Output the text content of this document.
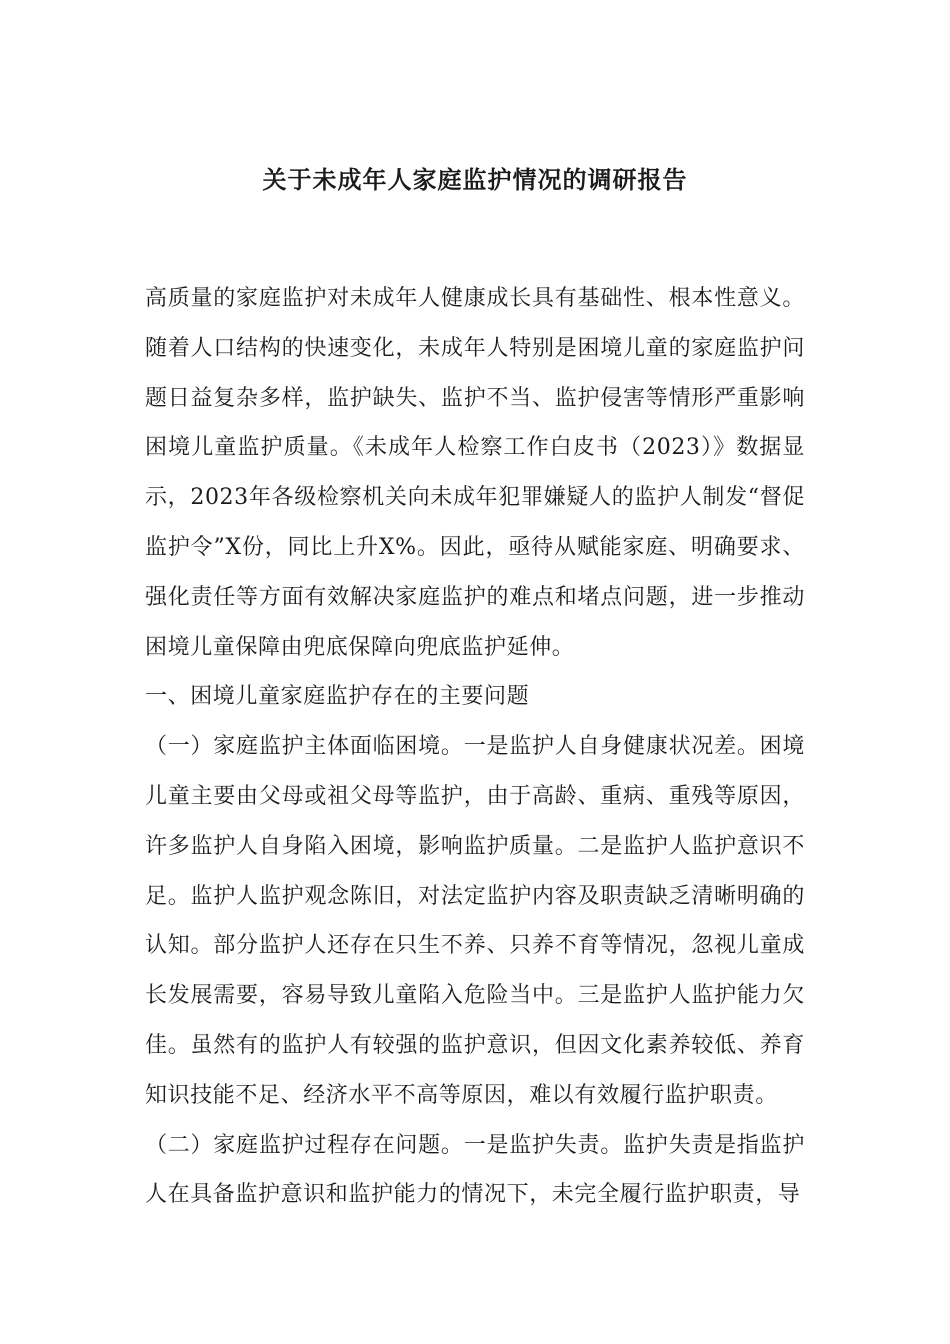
关于未成年人家庭监护情况的调研报告

高质量的家庭监护对未成年人健康成长具有基础性、根本性意义。随着人口结构的快速变化，未成年人特别是困境儿童的家庭监护问题日益复杂多样，监护缺失、监护不当、监护侵害等情形严重影响困境儿童监护质量。《未成年人检察工作白皮书（2023）》数据显示，2023年各级检察机关向未成年犯罪嫌疑人的监护人制发“督促监护令”X份，同比上升X%。因此，亟待从赋能家庭、明确要求、强化责任等方面有效解决家庭监护的难点和堵点问题，进一步推动困境儿童保障由兜底保障向兜底监护延伸。

一、困境儿童家庭监护存在的主要问题

（一）家庭监护主体面临困境。一是监护人自身健康状况差。困境儿童主要由父母或祖父母等监护，由于高龄、重病、重残等原因，许多监护人自身陷入困境，影响监护质量。二是监护人监护意识不足。监护人监护观念陈旧，对法定监护内容及职责缺乏清晰明确的认知。部分监护人还存在只生不养、只养不育等情况，忽视儿童成长发展需要，容易导致儿童陷入危险当中。三是监护人监护能力欠佳。虽然有的监护人有较强的监护意识，但因文化素养较低、养育知识技能不足、经济水平不高等原因，难以有效履行监护职责。

（二）家庭监护过程存在问题。一是监护失责。监护失责是指监护人在具备监护意识和监护能力的情况下，未完全履行监护职责，导
